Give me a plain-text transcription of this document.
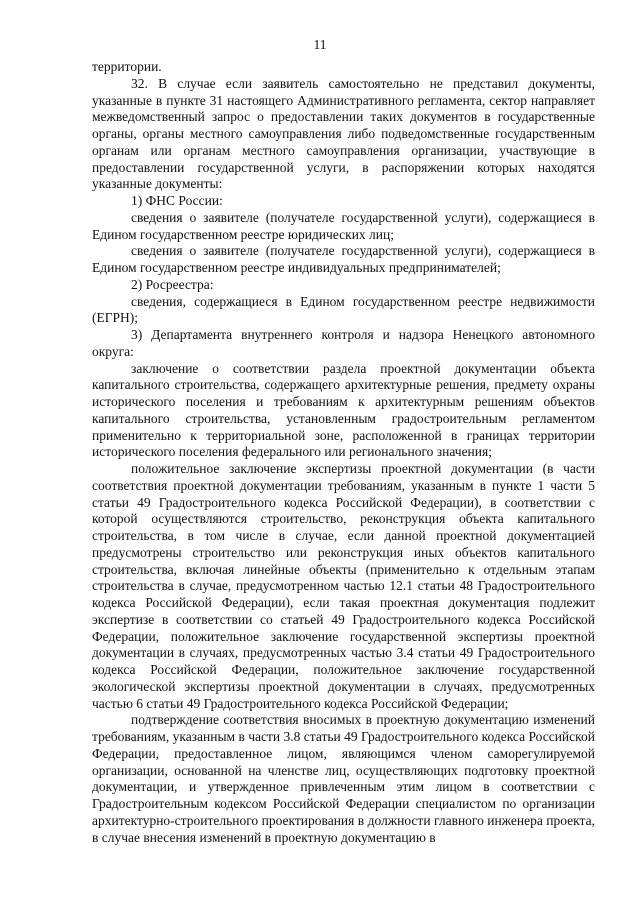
11

территории.

32. В случае если заявитель самостоятельно не представил документы, указанные в пункте 31 настоящего Административного регламента, сектор направляет межведомственный запрос о предоставлении таких документов в государственные органы, органы местного самоуправления либо подведомственные государственным органам или органам местного самоуправления организации, участвующие в предоставлении государственной услуги, в распоряжении которых находятся указанные документы:

1) ФНС России:

сведения о заявителе (получателе государственной услуги), содержащиеся в Едином государственном реестре юридических лиц;

сведения о заявителе (получателе государственной услуги), содержащиеся в Едином государственном реестре индивидуальных предпринимателей;

2) Росреестра:

сведения, содержащиеся в Едином государственном реестре недвижимости (ЕГРН);

3) Департамента внутреннего контроля и надзора Ненецкого автономного округа:

заключение о соответствии раздела проектной документации объекта капитального строительства, содержащего архитектурные решения, предмету охраны исторического поселения и требованиям к архитектурным решениям объектов капитального строительства, установленным градостроительным регламентом применительно к территориальной зоне, расположенной в границах территории исторического поселения федерального или регионального значения;

положительное заключение экспертизы проектной документации (в части соответствия проектной документации требованиям, указанным в пункте 1 части 5 статьи 49 Градостроительного кодекса Российской Федерации), в соответствии с которой осуществляются строительство, реконструкция объекта капитального строительства, в том числе в случае, если данной проектной документацией предусмотрены строительство или реконструкция иных объектов капитального строительства, включая линейные объекты (применительно к отдельным этапам строительства в случае, предусмотренном частью 12.1 статьи 48 Градостроительного кодекса Российской Федерации), если такая проектная документация подлежит экспертизе в соответствии со статьей 49 Градостроительного кодекса Российской Федерации, положительное заключение государственной экспертизы проектной документации в случаях, предусмотренных частью 3.4 статьи 49 Градостроительного кодекса Российской Федерации, положительное заключение государственной экологической экспертизы проектной документации в случаях, предусмотренных частью 6 статьи 49 Градостроительного кодекса Российской Федерации;

подтверждение соответствия вносимых в проектную документацию изменений требованиям, указанным в части 3.8 статьи 49 Градостроительного кодекса Российской Федерации, предоставленное лицом, являющимся членом саморегулируемой организации, основанной на членстве лиц, осуществляющих подготовку проектной документации, и утвержденное привлеченным этим лицом в соответствии с Градостроительным кодексом Российской Федерации специалистом по организации архитектурно-строительного проектирования в должности главного инженера проекта, в случае внесения изменений в проектную документацию в
